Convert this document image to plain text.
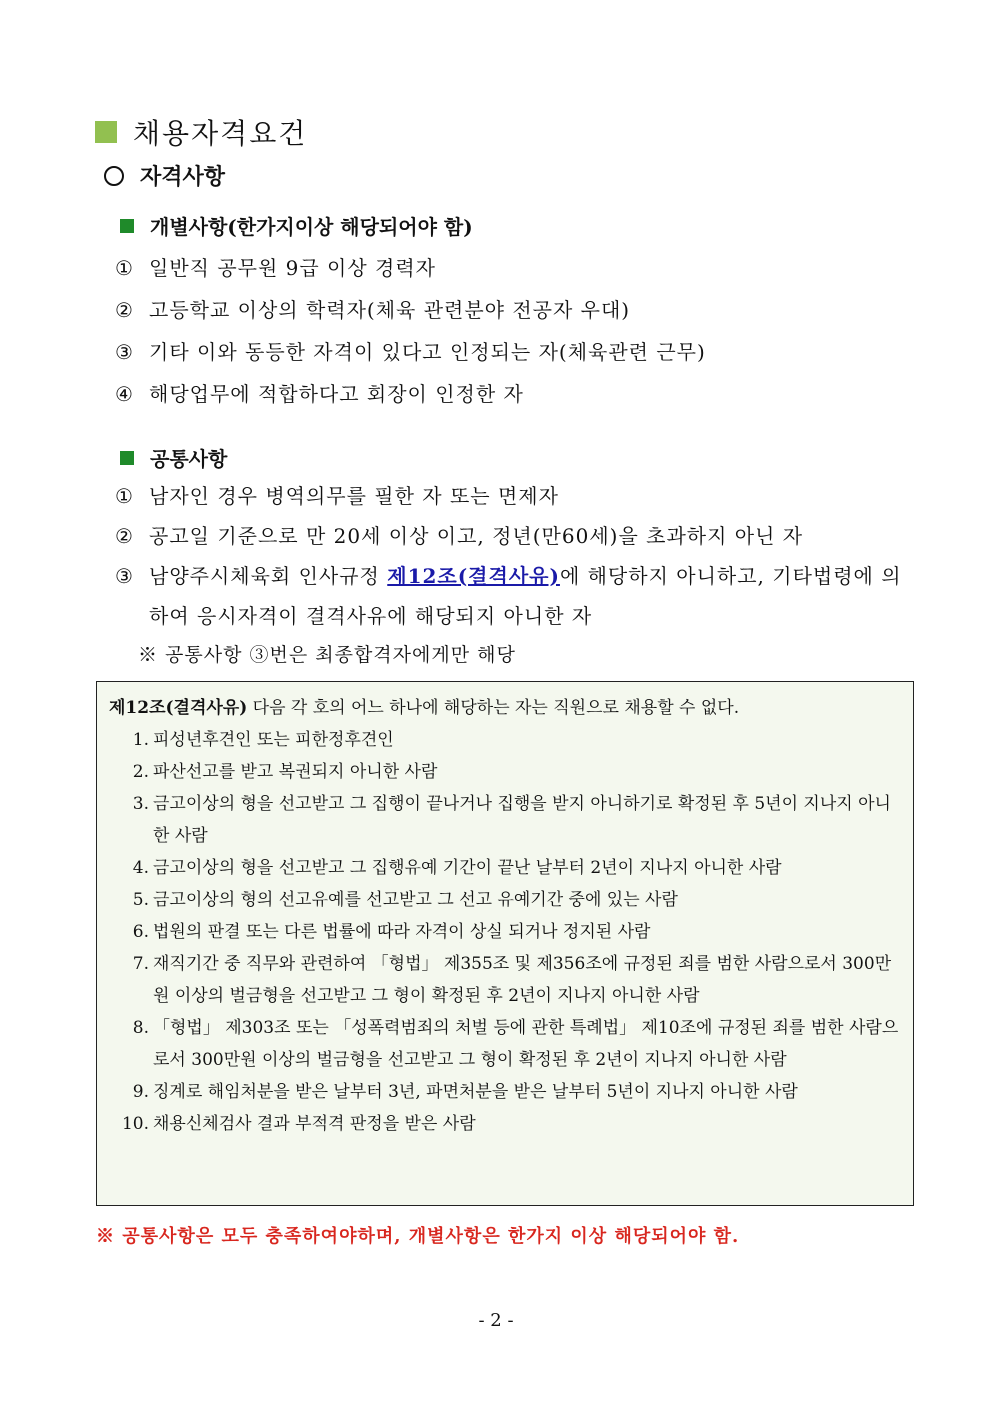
채용자격요건
자격사항
개별사항(한가지이상 해당되어야 함)
① 일반직 공무원 9급 이상 경력자
② 고등학교 이상의 학력자(체육 관련분야 전공자 우대)
③ 기타 이와 동등한 자격이 있다고 인정되는 자(체육관련 근무)
④ 해당업무에 적합하다고 회장이 인정한 자
공통사항
① 남자인 경우 병역의무를 필한 자 또는 면제자
② 공고일 기준으로 만 20세 이상 이고, 정년(만60세)을 초과하지 아닌 자
③ 남양주시체육회 인사규정 제12조(결격사유)에 해당하지 아니하고, 기타법령에 의하여 응시자격이 결격사유에 해당되지 아니한 자
※ 공통사항 ③번은 최종합격자에게만 해당
제12조(결격사유) 다음 각 호의 어느 하나에 해당하는 자는 직원으로 채용할 수 없다.
1. 피성년후견인 또는 피한정후견인
2. 파산선고를 받고 복권되지 아니한 사람
3. 금고이상의 형을 선고받고 그 집행이 끝나거나 집행을 받지 아니하기로 확정된 후 5년이 지나지 아니한 사람
4. 금고이상의 형을 선고받고 그 집행유예 기간이 끝난 날부터 2년이 지나지 아니한 사람
5. 금고이상의 형의 선고유예를 선고받고 그 선고 유예기간 중에 있는 사람
6. 법원의 판결 또는 다른 법률에 따라 자격이 상실 되거나 정지된 사람
7. 재직기간 중 직무와 관련하여 「형법」 제355조 및 제356조에 규정된 죄를 범한 사람으로서 300만원 이상의 벌금형을 선고받고 그 형이 확정된 후 2년이 지나지 아니한 사람
8. 「형법」 제303조 또는 「성폭력범죄의 처벌 등에 관한 특례법」 제10조에 규정된 죄를 범한 사람으로서 300만원 이상의 벌금형을 선고받고 그 형이 확정된 후 2년이 지나지 아니한 사람
9. 징계로 해임처분을 받은 날부터 3년, 파면처분을 받은 날부터 5년이 지나지 아니한 사람
10. 채용신체검사 결과 부적격 판정을 받은 사람
※ 공통사항은 모두 충족하여야하며, 개별사항은 한가지 이상 해당되어야 함.
- 2 -
